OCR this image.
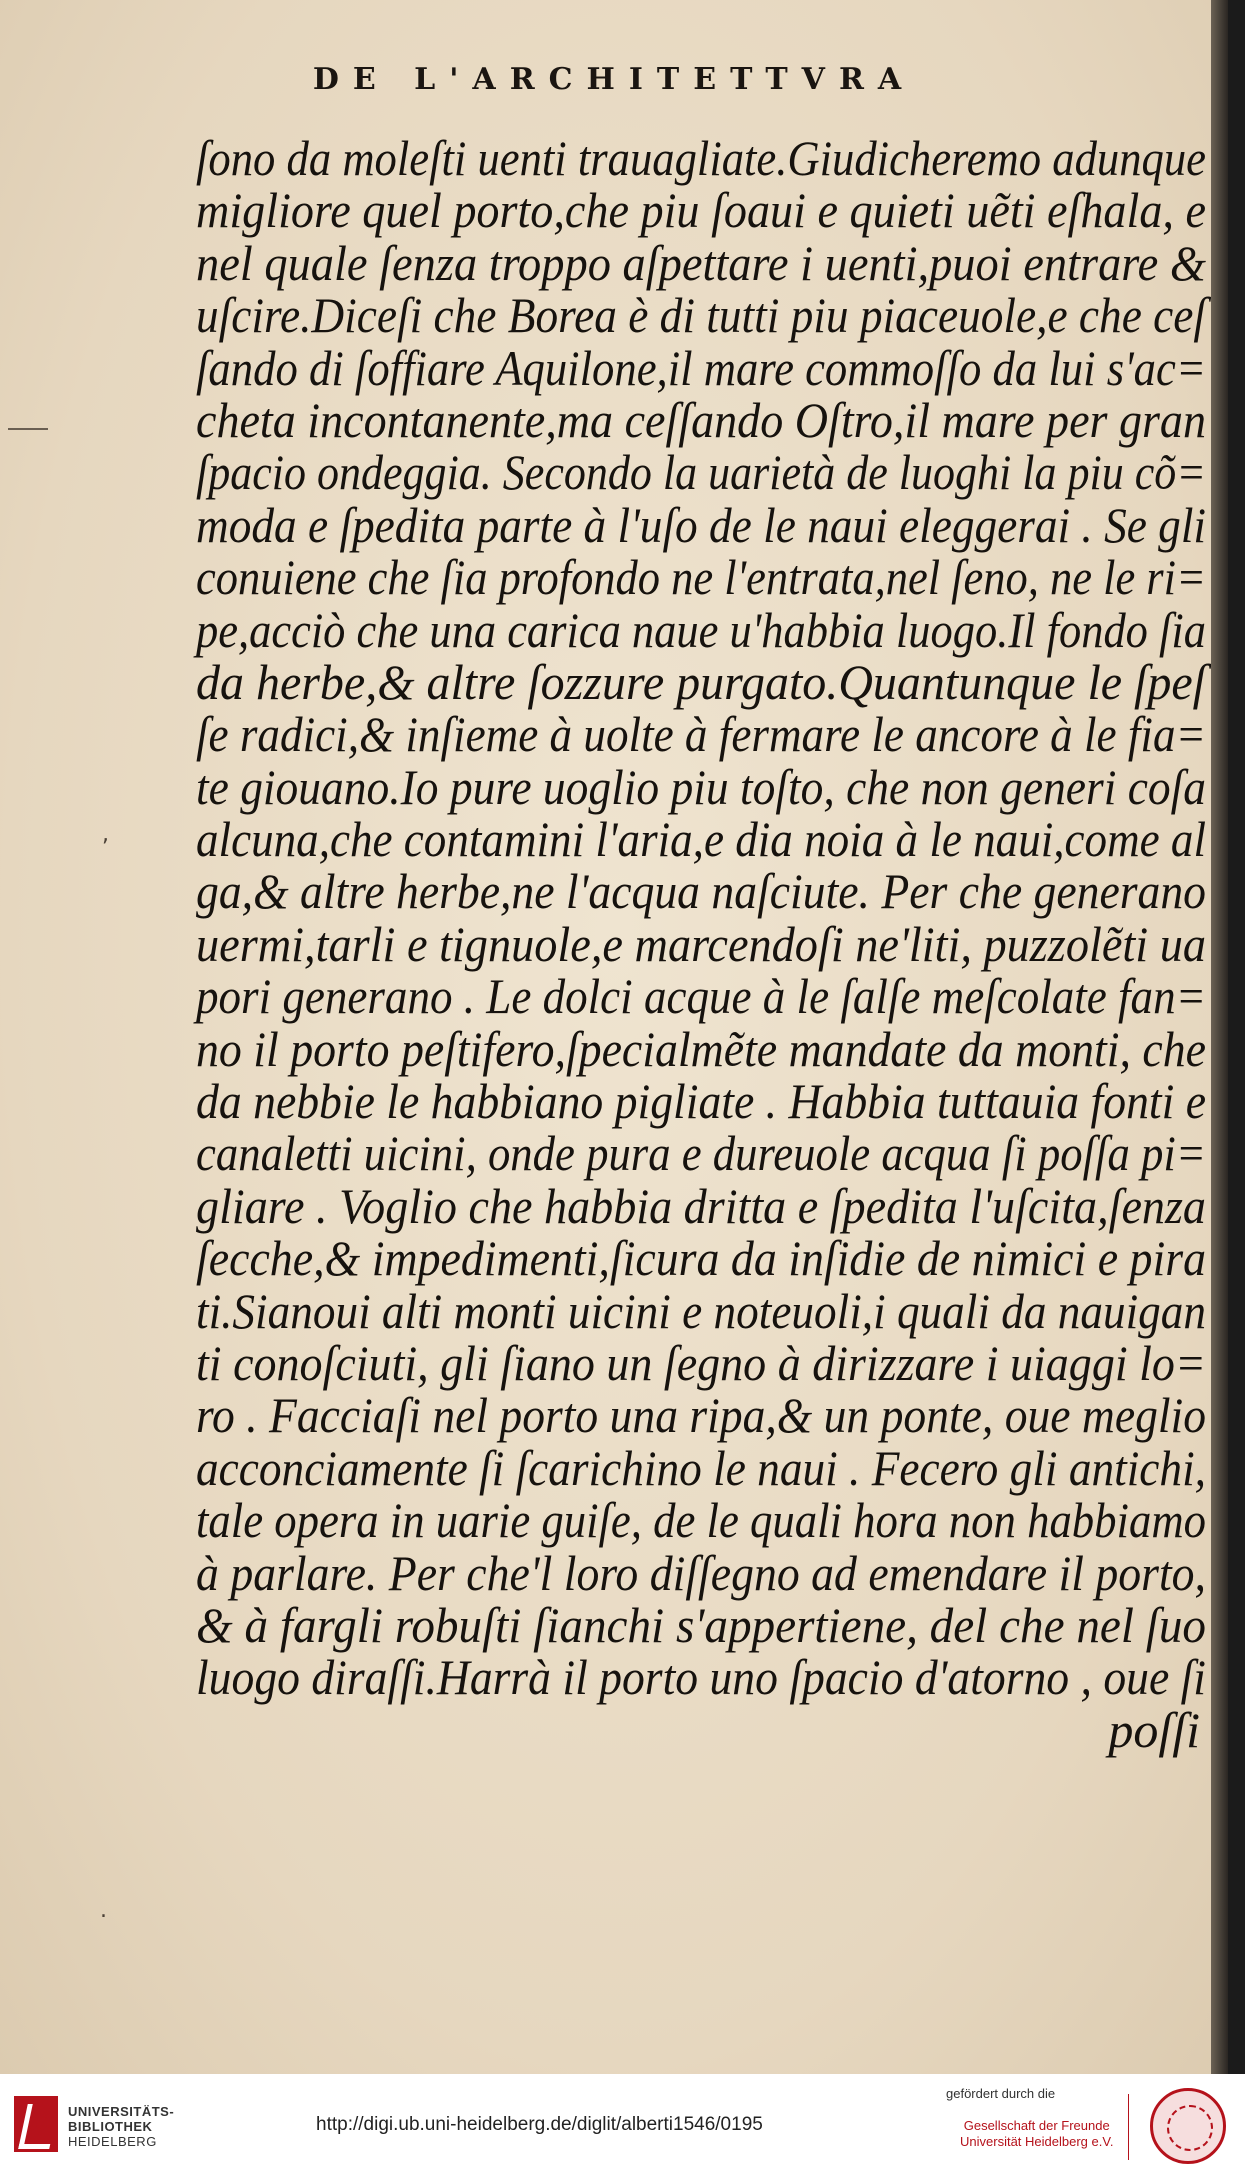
DE L'ARCHITETTVRA
,
.
ſono da moleſti uenti trauagliate.Giudicheremo adunque
migliore quel porto,che piu ſoaui e quieti uẽti eſhala, e
nel quale ſenza troppo aſpettare i uenti,puoi entrare &
uſcire.Diceſi che Borea è di tutti piu piaceuole,e che ceſ
ſando di ſoffiare Aquilone,il mare commoſſo da lui s'ac=
cheta incontanente,ma ceſſando Oſtro,il mare per gran
ſpacio ondeggia. Secondo la uarietà de luoghi la piu cõ=
moda e ſpedita parte à l'uſo de le naui eleggerai . Se gli
conuiene che ſia profondo ne l'entrata,nel ſeno, ne le ri=
pe,acciò che una carica naue u'habbia luogo.Il fondo ſia
da herbe,& altre ſozzure purgato.Quantunque le ſpeſ
ſe radici,& inſieme à uolte à fermare le ancore à le fia=
te giouano.Io pure uoglio piu toſto, che non generi coſa
alcuna,che contamini l'aria,e dia noia à le naui,come al
ga,& altre herbe,ne l'acqua naſciute. Per che generano
uermi,tarli e tignuole,e marcendoſi ne'liti, puzzolẽti ua
pori generano . Le dolci acque à le ſalſe meſcolate fan=
no il porto peſtifero,ſpecialmẽte mandate da monti, che
da nebbie le habbiano pigliate . Habbia tuttauia fonti e
canaletti uicini, onde pura e dureuole acqua ſi poſſa pi=
gliare . Voglio che habbia dritta e ſpedita l'uſcita,ſenza
ſecche,& impedimenti,ſicura da inſidie de nimici e pira
ti.Sianoui alti monti uicini e noteuoli,i quali da nauigan
ti conoſciuti, gli ſiano un ſegno à dirizzare i uiaggi lo=
ro . Facciaſi nel porto una ripa,& un ponte, oue meglio
acconciamente ſi ſcarichino le naui . Fecero gli antichi,
tale opera in uarie guiſe, de le quali hora non habbiamo
à parlare. Per che'l loro diſſegno ad emendare il porto,
& à fargli robuſti ſianchi s'appertiene, del che nel ſuo
luogo diraſſi.Harrà il porto uno ſpacio d'atorno , oue ſi
poſſi
UNIVERSITÄTS-
BIBLIOTHEK
HEIDELBERG
http://digi.ub.uni-heidelberg.de/diglit/alberti1546/0195
gefördert durch die
Gesellschaft der Freunde
Universität Heidelberg e.V.
